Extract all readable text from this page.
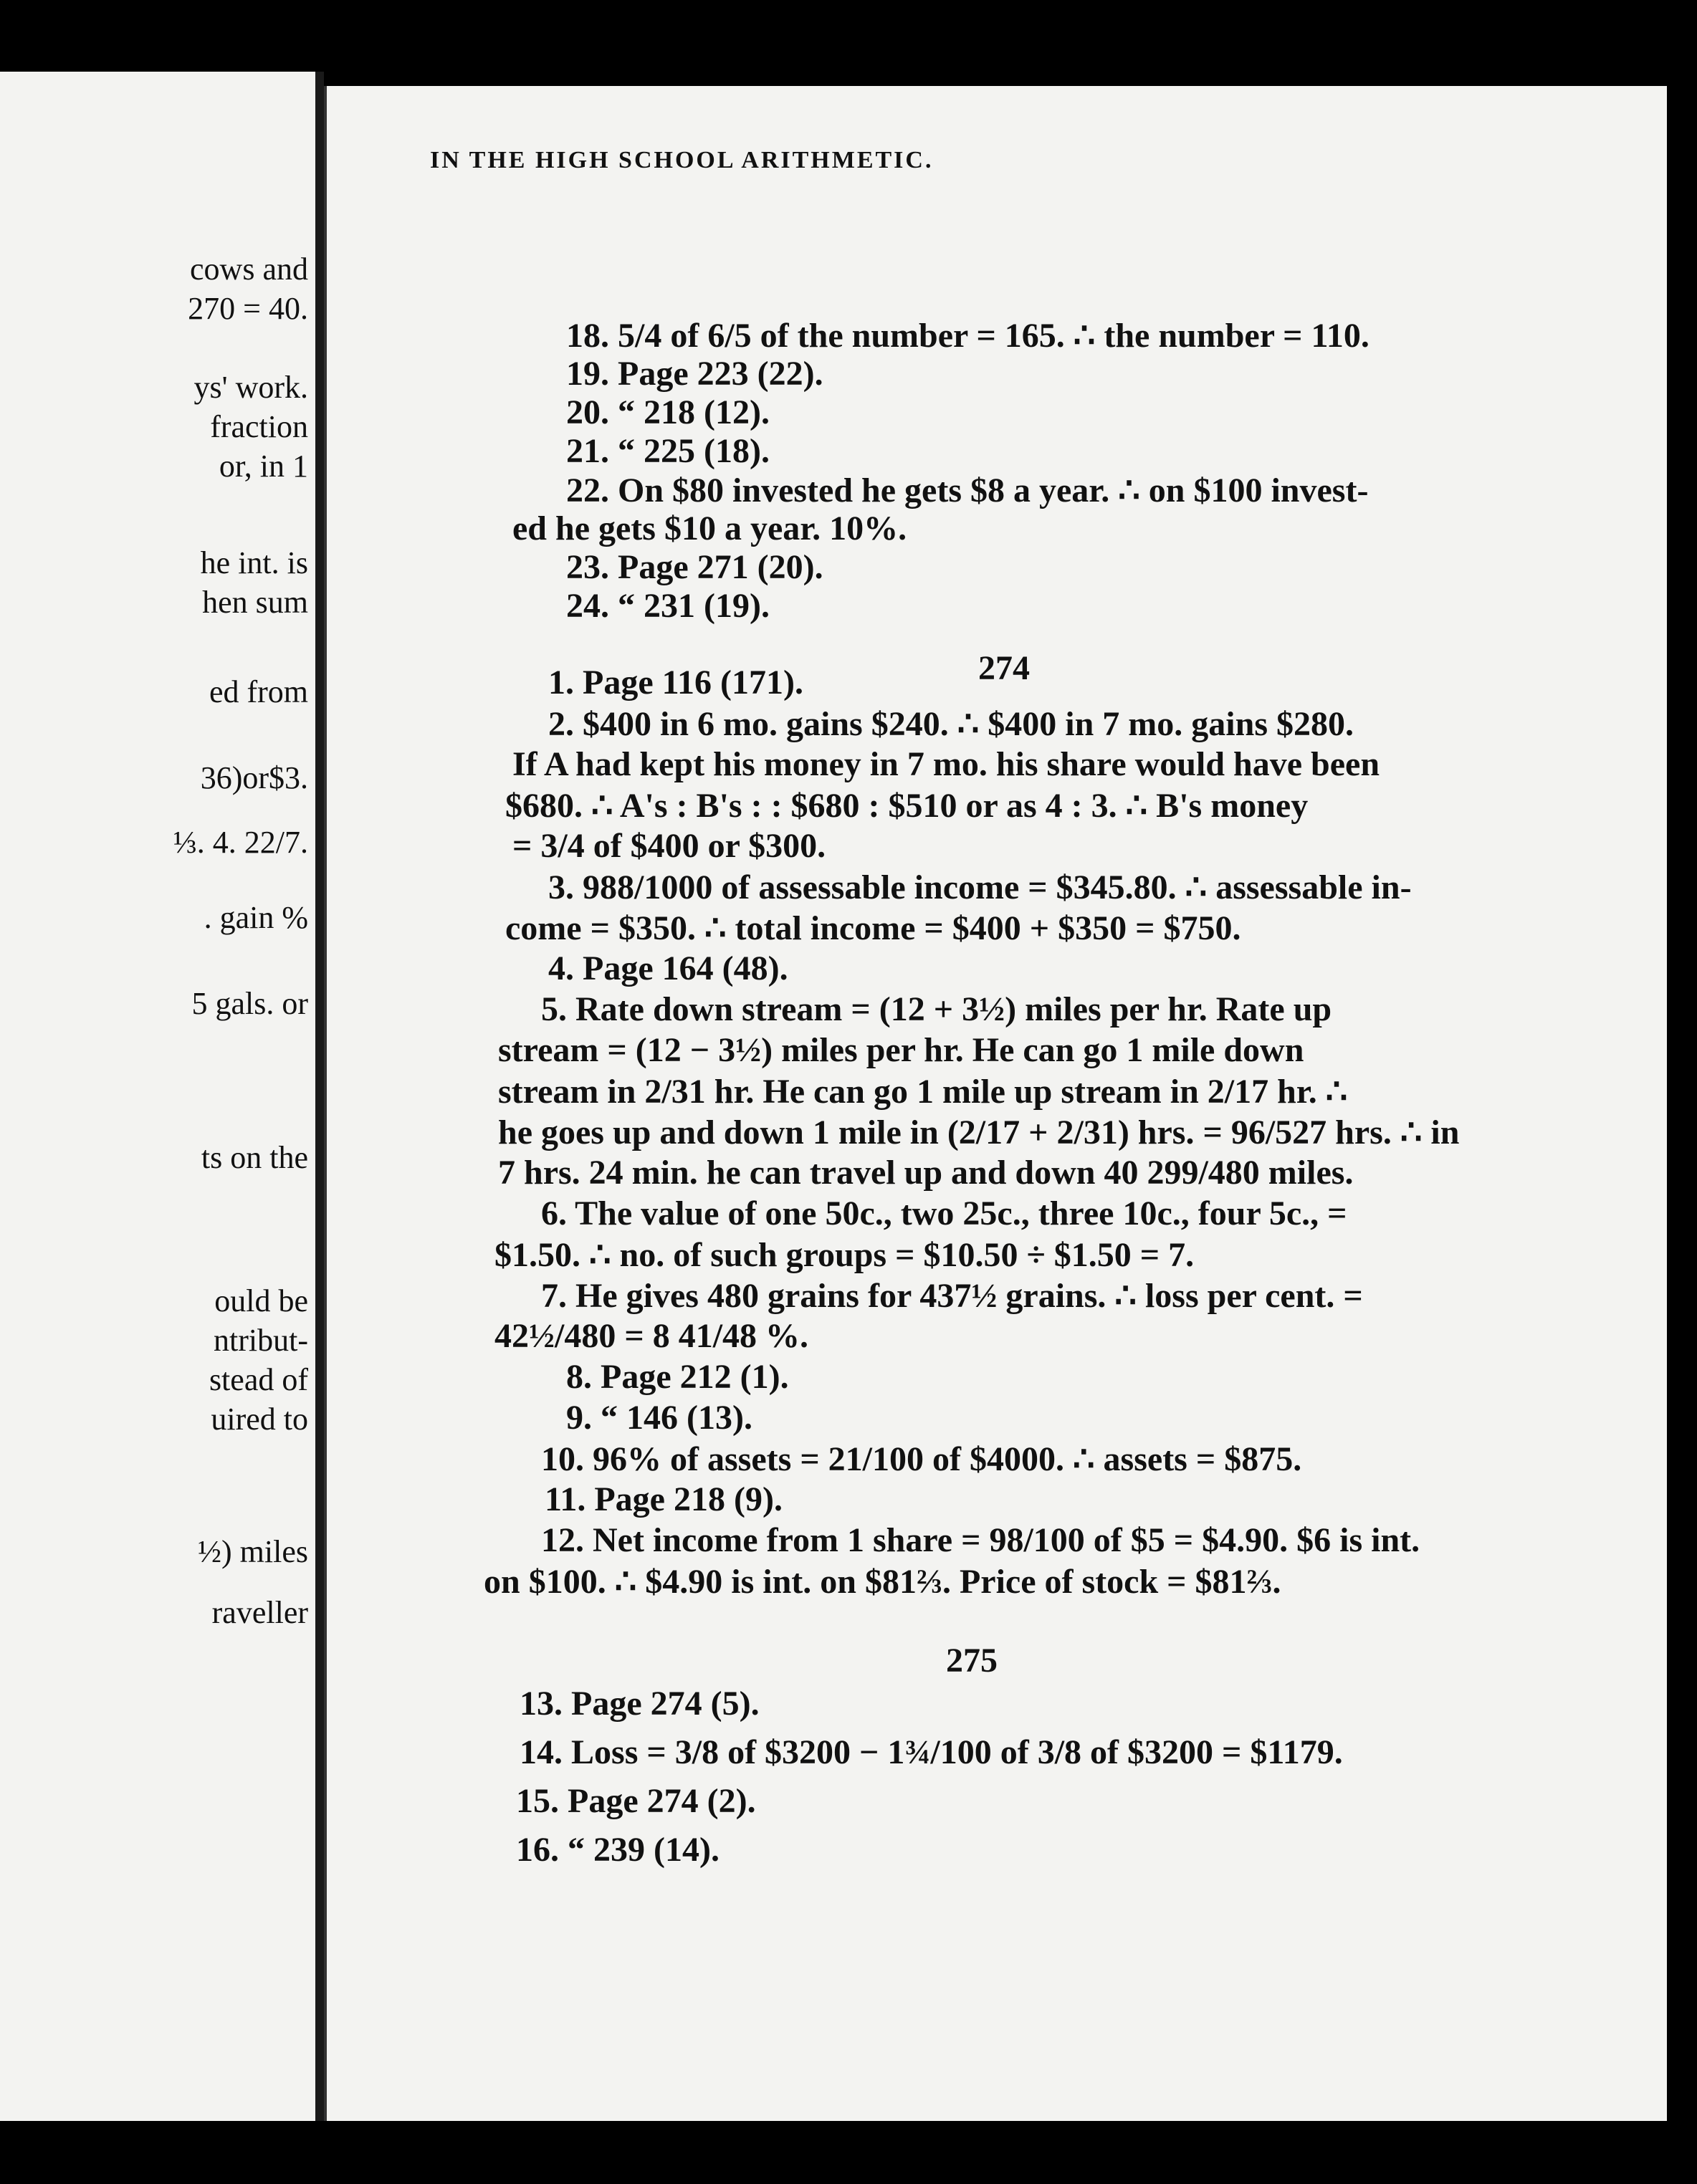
cows and
270 = 40.
ys' work.
fraction
or, in 1
he int. is
hen sum
ed from
36)or$3.
⅓. 4. 22/7.
. gain %
5 gals. or
ts on the
ould be
ntribut-
stead of
uired to
½) miles
raveller
IN THE HIGH SCHOOL ARITHMETIC.
18. 5/4 of 6/5 of the number = 165. ∴ the number = 110.
19. Page 223 (22).
20. “ 218 (12).
21. “ 225 (18).
22. On $80 invested he gets $8 a year. ∴ on $100 invest-
ed he gets $10 a year. 10%.
23. Page 271 (20).
24. “ 231 (19).
274
1. Page 116 (171).
2. $400 in 6 mo. gains $240. ∴ $400 in 7 mo. gains $280.
If A had kept his money in 7 mo. his share would have been
$680. ∴ A's : B's : : $680 : $510 or as 4 : 3. ∴ B's money
= 3/4 of $400 or $300.
3. 988/1000 of assessable income = $345.80. ∴ assessable in-
come = $350. ∴ total income = $400 + $350 = $750.
4. Page 164 (48).
5. Rate down stream = (12 + 3½) miles per hr. Rate up
stream = (12 − 3½) miles per hr. He can go 1 mile down
stream in 2/31 hr. He can go 1 mile up stream in 2/17 hr. ∴
he goes up and down 1 mile in (2/17 + 2/31) hrs. = 96/527 hrs. ∴ in
7 hrs. 24 min. he can travel up and down 40 299/480 miles.
6. The value of one 50c., two 25c., three 10c., four 5c., =
$1.50. ∴ no. of such groups = $10.50 ÷ $1.50 = 7.
7. He gives 480 grains for 437½ grains. ∴ loss per cent. =
42½/480 = 8 41/48 %.
8. Page 212 (1).
9. “ 146 (13).
10. 96% of assets = 21/100 of $4000. ∴ assets = $875.
11. Page 218 (9).
12. Net income from 1 share = 98/100 of $5 = $4.90. $6 is int.
on $100. ∴ $4.90 is int. on $81⅔. Price of stock = $81⅔.
275
13. Page 274 (5).
14. Loss = 3/8 of $3200 − 1¾/100 of 3/8 of $3200 = $1179.
15. Page 274 (2).
16. “ 239 (14).
